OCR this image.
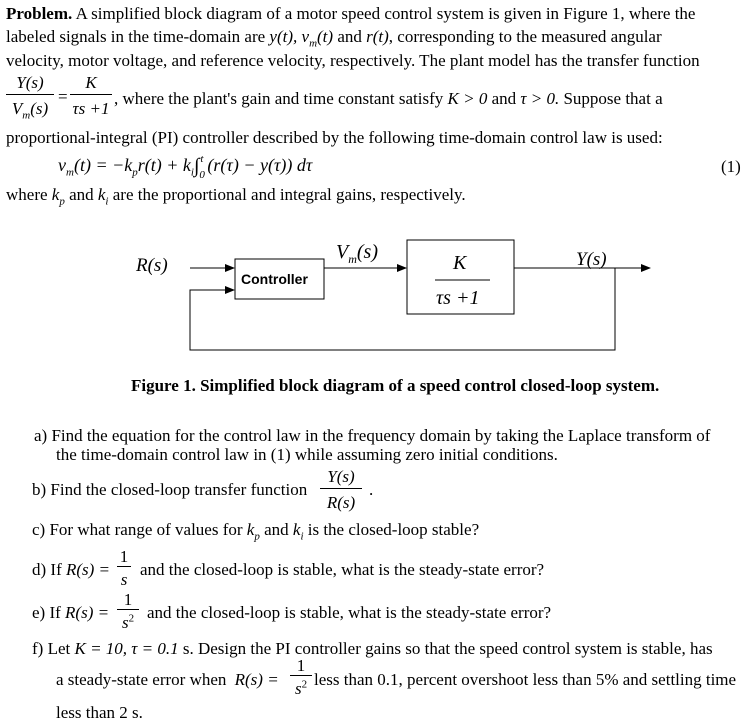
Problem. A simplified block diagram of a motor speed control system is given in Figure 1, where the
labeled signals in the time-domain are y(t), $v_m(t)$ and r(t), corresponding to the measured angular
velocity, motor voltage, and reference velocity, respectively. The plant model has the transfer function
Y(s)
$V_m(s)$
=
K
τs +1
, where the plant's gain and time constant satisfy K > 0 and τ > 0. Suppose that a
proportional-integral (PI) controller described by the following time-domain control law is used:
$v_m(t) = -k_pr(t) + k_i\int$ t
0 (r(τ) − y(τ)) dτ	(1)
where $k_p$ and $k_i$ are the proportional and integral gains, respectively.
R(s)
Controller
$V_m(s)$	K
τs +1
Y(s)
Figure 1. Simplified block diagram of a speed control closed-loop system.
a) Find the equation for the control law in the frequency domain by taking the Laplace transform of
the time-domain control law in (1) while assuming zero initial conditions.
b) Find the closed-loop transfer function
Y(s)
R(s)
.
c) For what range of values for $k_p$ and $k_i$ is the closed-loop stable?
d) If R(s) =
1
s
and the closed-loop is stable, what is the steady-state error?
e) If R(s) =
1
$s^2$ and the closed-loop is stable, what is the steady-state error?
f) Let K = 10, τ = 0.1 s. Design the PI controller gains so that the speed control system is stable, has
a steady-state error when R(s) =
1
$s^2$ less than 0.1, percent overshoot less than 5% and settling time
less than 2 s.
